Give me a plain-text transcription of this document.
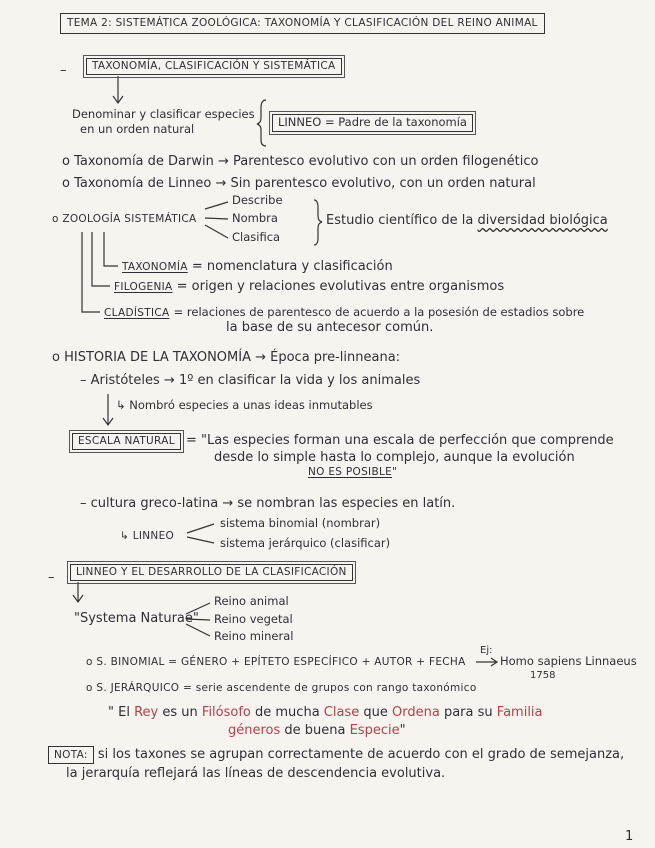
TEMA 2: SISTEMÁTICA ZOOLÓGICA: TAXONOMÍA Y CLASIFICACIÓN DEL REINO ANIMAL
–	TAXONOMÍA, CLASIFICACIÓN Y SISTEMÁTICA
Denominar y clasificar especies
en un orden natural	LINNEO = Padre de la taxonomía
o Taxonomía de Darwin → Parentesco evolutivo con un orden filogenético
o Taxonomía de Linneo → Sin parentesco evolutivo, con un orden natural
o ZOOLOGÍA SISTEMÁTICA
Describe
Nombra
Clasifica
Estudio científico de la diversidad biológica
TAXONOMÍA = nomenclatura y clasificación
FILOGENIA = origen y relaciones evolutivas entre organismos
CLADÍSTICA = relaciones de parentesco de acuerdo a la posesión de estadios sobre
la base de su antecesor común.
o HISTORIA DE LA TAXONOMÍA → Época pre-linneana:
– Aristóteles → 1º en clasificar la vida y los animales
↳ Nombró especies a unas ideas inmutables
ESCALA NATURAL = "Las especies forman una escala de perfección que comprende
desde lo simple hasta lo complejo, aunque la evolución
NO ES POSIBLE"
– cultura greco-latina → se nombran las especies en latín.
↳ LINNEO
sistema binomial (nombrar)
sistema jerárquico (clasificar)
–	LINNEO Y EL DESARROLLO DE LA CLASIFICACIÓN
"Systema Naturae"
Reino animal
Reino vegetal
Reino mineral
o S. BINOMIAL = GÉNERO + EPÍTETO ESPECÍFICO + AUTOR + FECHA
Ej:
Homo sapiens Linnaeus
1758
o S. JERÁRQUICO = serie ascendente de grupos con rango taxonómico
" El Rey es un Filósofo de mucha Clase que Ordena para su Familia
géneros de buena Especie"
NOTA: si los taxones se agrupan correctamente de acuerdo con el grado de semejanza,
la jerarquía reflejará las líneas de descendencia evolutiva.
1
